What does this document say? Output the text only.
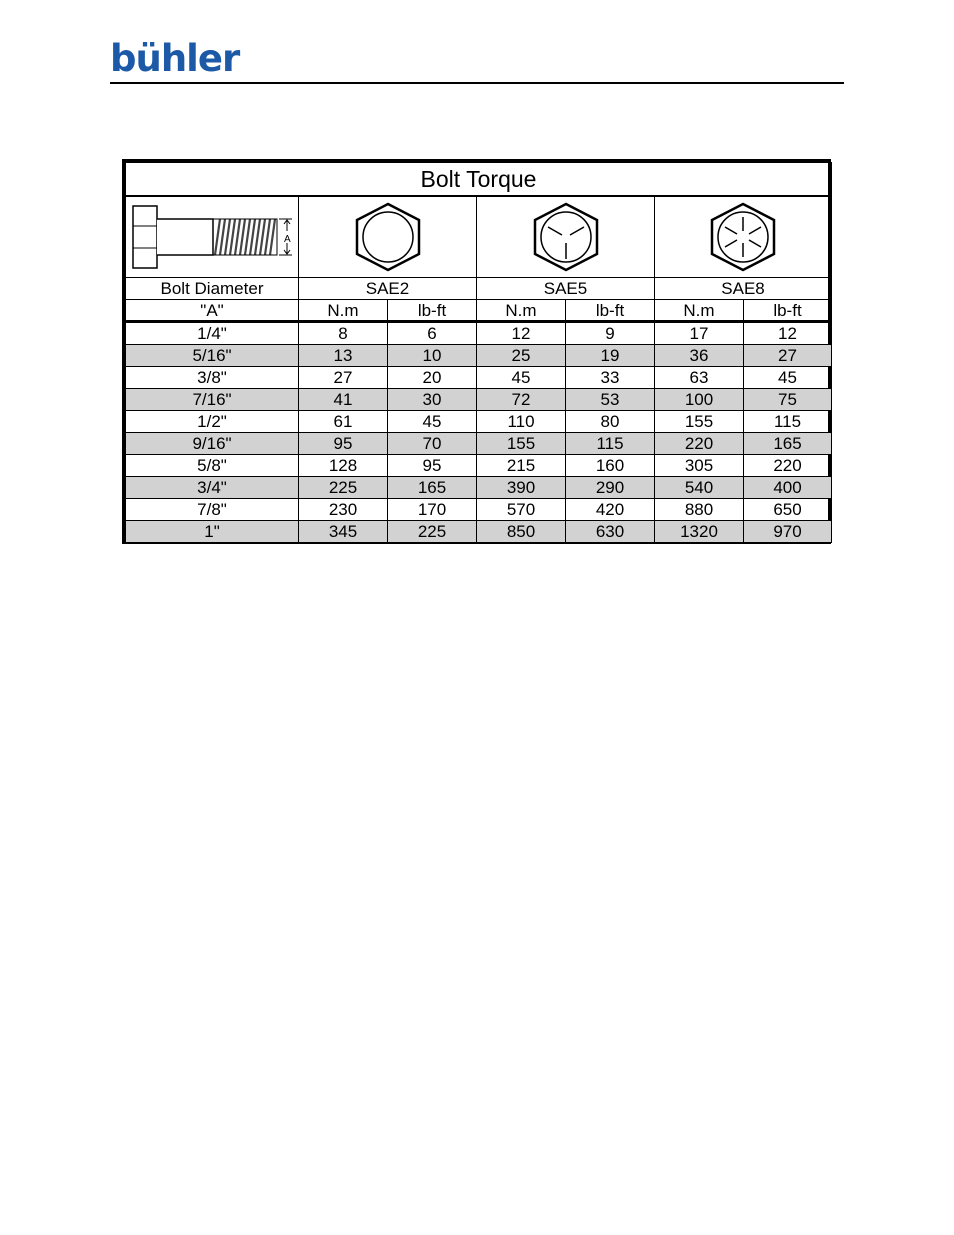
bühler
Bolt Torque						

A

Bolt Diameter	SAE2		SAE5		SAE8	
"A"	N.m	lb-ft	N.m	lb-ft	N.m	lb-ft
1/4"	8	6	12	9	17	12
5/16"	13	10	25	19	36	27
3/8"	27	20	45	33	63	45
7/16"	41	30	72	53	100	75
1/2"	61	45	110	80	155	115
9/16"	95	70	155	115	220	165
5/8"	128	95	215	160	305	220
3/4"	225	165	390	290	540	400
7/8"	230	170	570	420	880	650
1"	345	225	850	630	1320	970
